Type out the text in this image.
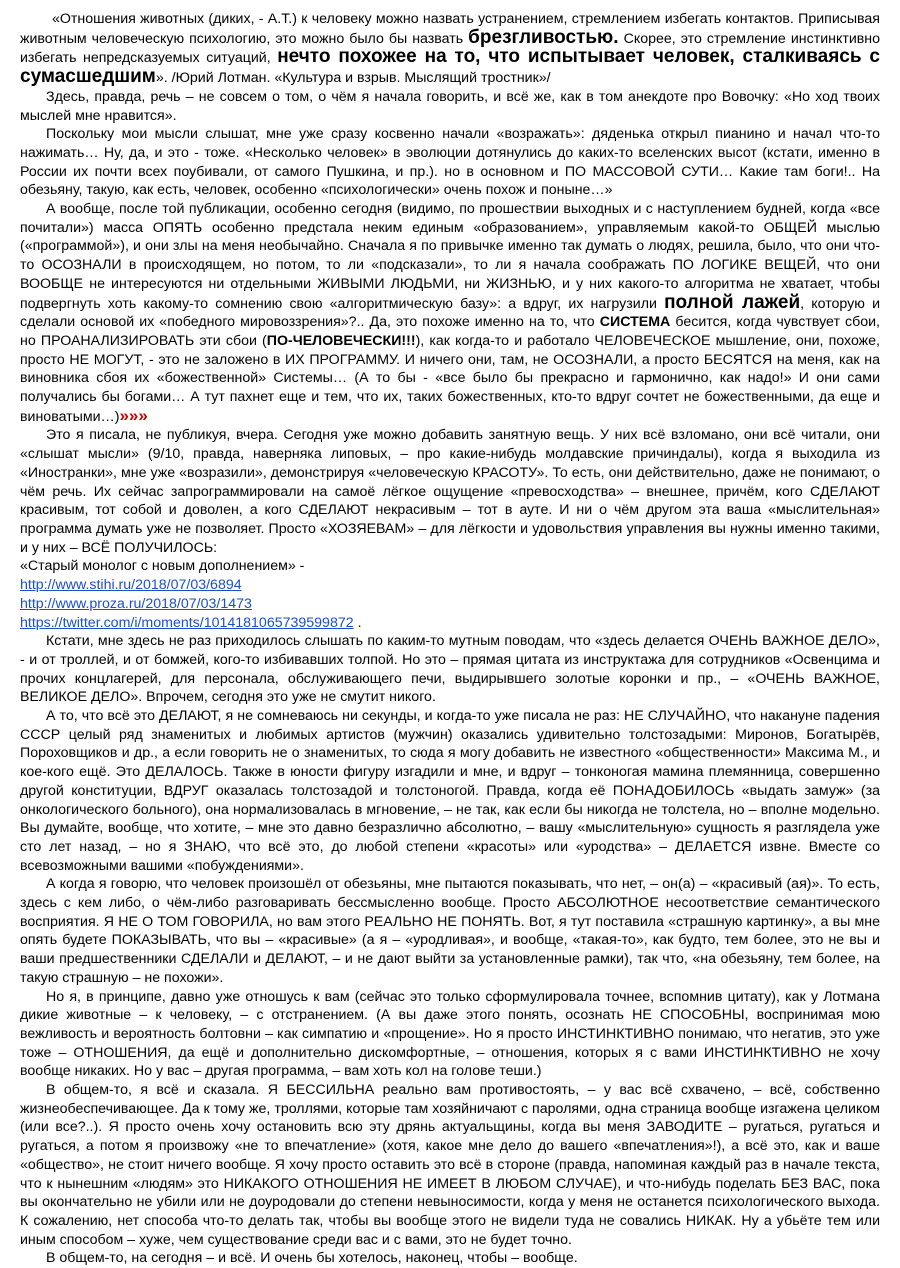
«Отношения животных (диких, - А.Т.) к человеку можно назвать устранением, стремлением избегать контактов. Приписывая животным человеческую психологию, это можно было бы назвать брезгливостью. Скорее, это стремление инстинктивно избегать непредсказуемых ситуаций, нечто похожее на то, что испытывает человек, сталкиваясь с сумасшедшим». /Юрий Лотман. «Культура и взрыв. Мыслящий тростник»/

Здесь, правда, речь – не совсем о том, о чём я начала говорить, и всё же, как в том анекдоте про Вовочку: «Но ход твоих мыслей мне нравится».

Поскольку мои мысли слышат, мне уже сразу косвенно начали «возражать»: дяденька открыл пианино и начал что-то нажимать… Ну, да, и это - тоже. «Несколько человек» в эволюции дотянулись до каких-то вселенских высот (кстати, именно в России их почти всех поубивали, от самого Пушкина, и пр.). но в основном и ПО МАССОВОЙ СУТИ… Какие там боги!.. На обезьяну, такую, как есть, человек, особенно «психологически» очень похож и поныне…»

А вообще, после той публикации, особенно сегодня (видимо, по прошествии выходных и с наступлением будней, когда «все почитали») масса ОПЯТЬ особенно предстала неким единым «образованием», управляемым какой-то ОБЩЕЙ мыслью («программой»), и они злы на меня необычайно. Сначала я по привычке именно так думать о людях, решила, было, что они что-то ОСОЗНАЛИ в происходящем, но потом, то ли «подсказали», то ли я начала соображать ПО ЛОГИКЕ ВЕЩЕЙ, что они ВООБЩЕ не интересуются ни отдельными ЖИВЫМИ ЛЮДЬМИ, ни ЖИЗНЬЮ, и у них какого-то алгоритма не хватает, чтобы подвергнуть хоть какому-то сомнению свою «алгоритмическую базу»: а вдруг, их нагрузили полной лажей, которую и сделали основой их «победного мировоззрения»?.. Да, это похоже именно на то, что СИСТЕМА бесится, когда чувствует сбои, но ПРОАНАЛИЗИРОВАТЬ эти сбои (ПО-ЧЕЛОВЕЧЕСКИ!!!), как когда-то и работало ЧЕЛОВЕЧЕСКОЕ мышление, они, похоже, просто НЕ МОГУТ, - это не заложено в ИХ ПРОГРАММУ. И ничего они, там, не ОСОЗНАЛИ, а просто БЕСЯТСЯ на меня, как на виновника сбоя их «божественной» Системы… (А то бы - «все было бы прекрасно и гармонично, как надо!» И они сами получались бы богами… А тут пахнет еще и тем, что их, таких божественных, кто-то вдруг сочтет не божественными, да еще и виноватыми…)»»»

Это я писала, не публикуя, вчера. Сегодня уже можно добавить занятную вещь. У них всё взломано, они всё читали, они «слышат мысли» (9/10, правда, наверняка липовых, – про какие-нибудь молдавские причиндалы), когда я выходила из «Иностранки», мне уже «возразили», демонстрируя «человеческую КРАСОТУ». То есть, они действительно, даже не понимают, о чём речь. Их сейчас запрограммировали на самоё лёгкое ощущение «превосходства» – внешнее, причём, кого СДЕЛАЮТ красивым, тот собой и доволен, а кого СДЕЛАЮТ некрасивым – тот в ауте. И ни о чём другом эта ваша «мыслительная» программа думать уже не позволяет. Просто «ХОЗЯЕВАМ» – для лёгкости и удовольствия управления вы нужны именно такими, и у них – ВСЁ ПОЛУЧИЛОСЬ:

«Старый монолог с новым дополнением» -

http://www.stihi.ru/2018/07/03/6894
http://www.proza.ru/2018/07/03/1473
https://twitter.com/i/moments/1014181065739599872 .

Кстати, мне здесь не раз приходилось слышать по каким-то мутным поводам, что «здесь делается ОЧЕНЬ ВАЖНОЕ ДЕЛО», - и от троллей, и от бомжей, кого-то избивавших толпой. Но это – прямая цитата из инструктажа для сотрудников «Освенцима и прочих концлагерей, для персонала, обслуживающего печи, выдирывшего золотые коронки и пр., – «ОЧЕНЬ ВАЖНОЕ, ВЕЛИКОЕ ДЕЛО». Впрочем, сегодня это уже не смутит никого.

А то, что всё это ДЕЛАЮТ, я не сомневаюсь ни секунды, и когда-то уже писала не раз: НЕ СЛУЧАЙНО, что накануне падения СССР целый ряд знаменитых и любимых артистов (мужчин) оказались удивительно толстозадыми: Миронов, Богатырёв, Пороховщиков и др., а если говорить не о знаменитых, то сюда я могу добавить не известного «общественности» Максима М., и кое-кого ещё. Это ДЕЛАЛОСЬ. Также в юности фигуру изгадили и мне, и вдруг – тонконогая мамина племянница, совершенно другой конституции, ВДРУГ оказалась толстозадой и толстоногой. Правда, когда её ПОНАДОБИЛОСЬ «выдать замуж» (за онкологического больного), она нормализовалась в мгновение, – не так, как если бы никогда не толстела, но – вполне модельно. Вы думайте, вообще, что хотите, – мне это давно безразлично абсолютно, – вашу «мыслительную» сущность я разглядела уже сто лет назад, – но я ЗНАЮ, что всё это, до любой степени «красоты» или «уродства» – ДЕЛАЕТСЯ извне. Вместе со всевозможными вашими «побуждениями».

А когда я говорю, что человек произошёл от обезьяны, мне пытаются показывать, что нет, – он(а) – «красивый (ая)». То есть, здесь с кем либо, о чём-либо разговаривать бессмысленно вообще. Просто АБСОЛЮТНОЕ несоответствие семантического восприятия. Я НЕ О ТОМ ГОВОРИЛА, но вам этого РЕАЛЬНО НЕ ПОНЯТЬ. Вот, я тут поставила «страшную картинку», а вы мне опять будете ПОКАЗЫВАТЬ, что вы – «красивые» (а я – «уродливая», и вообще, «такая-то», как будто, тем более, это не вы и ваши предшественники СДЕЛАЛИ и ДЕЛАЮТ, – и не дают выйти за установленные рамки), так что, «на обезьяну, тем более, на такую страшную – не похожи».

Но я, в принципе, давно уже отношусь к вам (сейчас это только сформулировала точнее, вспомнив цитату), как у Лотмана дикие животные – к человеку, – с отстранением. (А вы даже этого понять, осознать НЕ СПОСОБНЫ, воспринимая мою вежливость и вероятность болтовни – как симпатию и «прощение». Но я просто ИНСТИНКТИВНО понимаю, что негатив, это уже тоже – ОТНОШЕНИЯ, да ещё и дополнительно дискомфортные, – отношения, которых я с вами ИНСТИНКТИВНО не хочу вообще никаких. Но у вас – другая программа, – вам хоть кол на голове теши.)

В общем-то, я всё и сказала. Я БЕССИЛЬНА реально вам противостоять, – у вас всё схвачено, – всё, собственно жизнеобеспечивающее. Да к тому же, троллями, которые там хозяйничают с паролями, одна страница вообще изгажена целиком (или все?..). Я просто очень хочу остановить всю эту дрянь актуальщины, когда вы меня ЗАВОДИТЕ – ругаться, ругаться и ругаться, а потом я произвожу «не то впечатление» (хотя, какое мне дело до вашего «впечатления»!), а всё это, как и ваше «общество», не стоит ничего вообще. Я хочу просто оставить это всё в стороне (правда, напоминая каждый раз в начале текста, что к нынешним «людям» это НИКАКОГО ОТНОШЕНИЯ НЕ ИМЕЕТ В ЛЮБОМ СЛУЧАЕ), и что-нибудь поделать БЕЗ ВАС, пока вы окончательно не убили или не доуродовали до степени невыносимости, когда у меня не останется психологического выхода. К сожалению, нет способа что-то делать так, чтобы вы вообще этого не видели туда не совались НИКАК. Ну а убьёте тем или иным способом – хуже, чем существование среди вас и с вами, это не будет точно.

В общем-то, на сегодня – и всё. И очень бы хотелось, наконец, чтобы – вообще.
